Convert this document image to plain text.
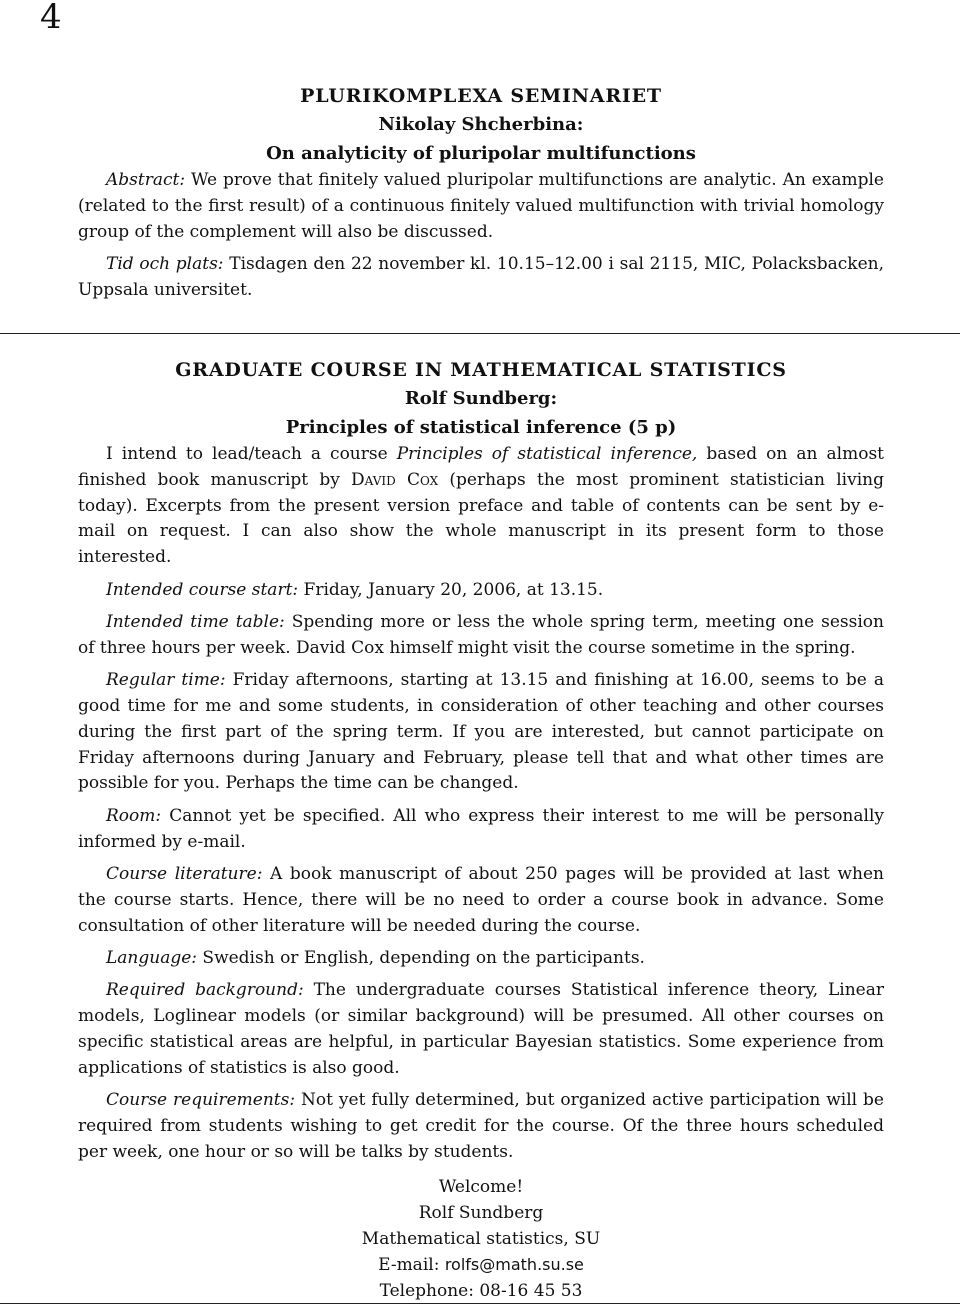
4
PLURIKOMPLEXA SEMINARIET
Nikolay Shcherbina:
On analyticity of pluripolar multifunctions

Abstract: We prove that finitely valued pluripolar multifunctions are analytic. An example (related to the first result) of a continuous finitely valued multifunction with trivial homology group of the complement will also be discussed.

Tid och plats: Tisdagen den 22 november kl. 10.15–12.00 i sal 2115, MIC, Polacksbacken, Uppsala universitet.

GRADUATE COURSE IN MATHEMATICAL STATISTICS
Rolf Sundberg:
Principles of statistical inference (5 p)

I intend to lead/teach a course Principles of statistical inference, based on an almost finished book manuscript by David Cox (perhaps the most prominent statistician living today). Excerpts from the present version preface and table of contents can be sent by e-mail on request. I can also show the whole manuscript in its present form to those interested.

Intended course start: Friday, January 20, 2006, at 13.15.

Intended time table: Spending more or less the whole spring term, meeting one session of three hours per week. David Cox himself might visit the course sometime in the spring.

Regular time: Friday afternoons, starting at 13.15 and finishing at 16.00, seems to be a good time for me and some students, in consideration of other teaching and other courses during the first part of the spring term. If you are interested, but cannot participate on Friday afternoons during January and February, please tell that and what other times are possible for you. Perhaps the time can be changed.

Room: Cannot yet be specified. All who express their interest to me will be personally informed by e-mail.

Course literature: A book manuscript of about 250 pages will be provided at last when the course starts. Hence, there will be no need to order a course book in advance. Some consultation of other literature will be needed during the course.

Language: Swedish or English, depending on the participants.

Required background: The undergraduate courses Statistical inference theory, Linear models, Loglinear models (or similar background) will be presumed. All other courses on specific statistical areas are helpful, in particular Bayesian statistics. Some experience from applications of statistics is also good.

Course requirements: Not yet fully determined, but organized active participation will be required from students wishing to get credit for the course. Of the three hours scheduled per week, one hour or so will be talks by students.

Welcome!
Rolf Sundberg
Mathematical statistics, SU
E-mail: rolfs@math.su.se
Telephone: 08-16 45 53
